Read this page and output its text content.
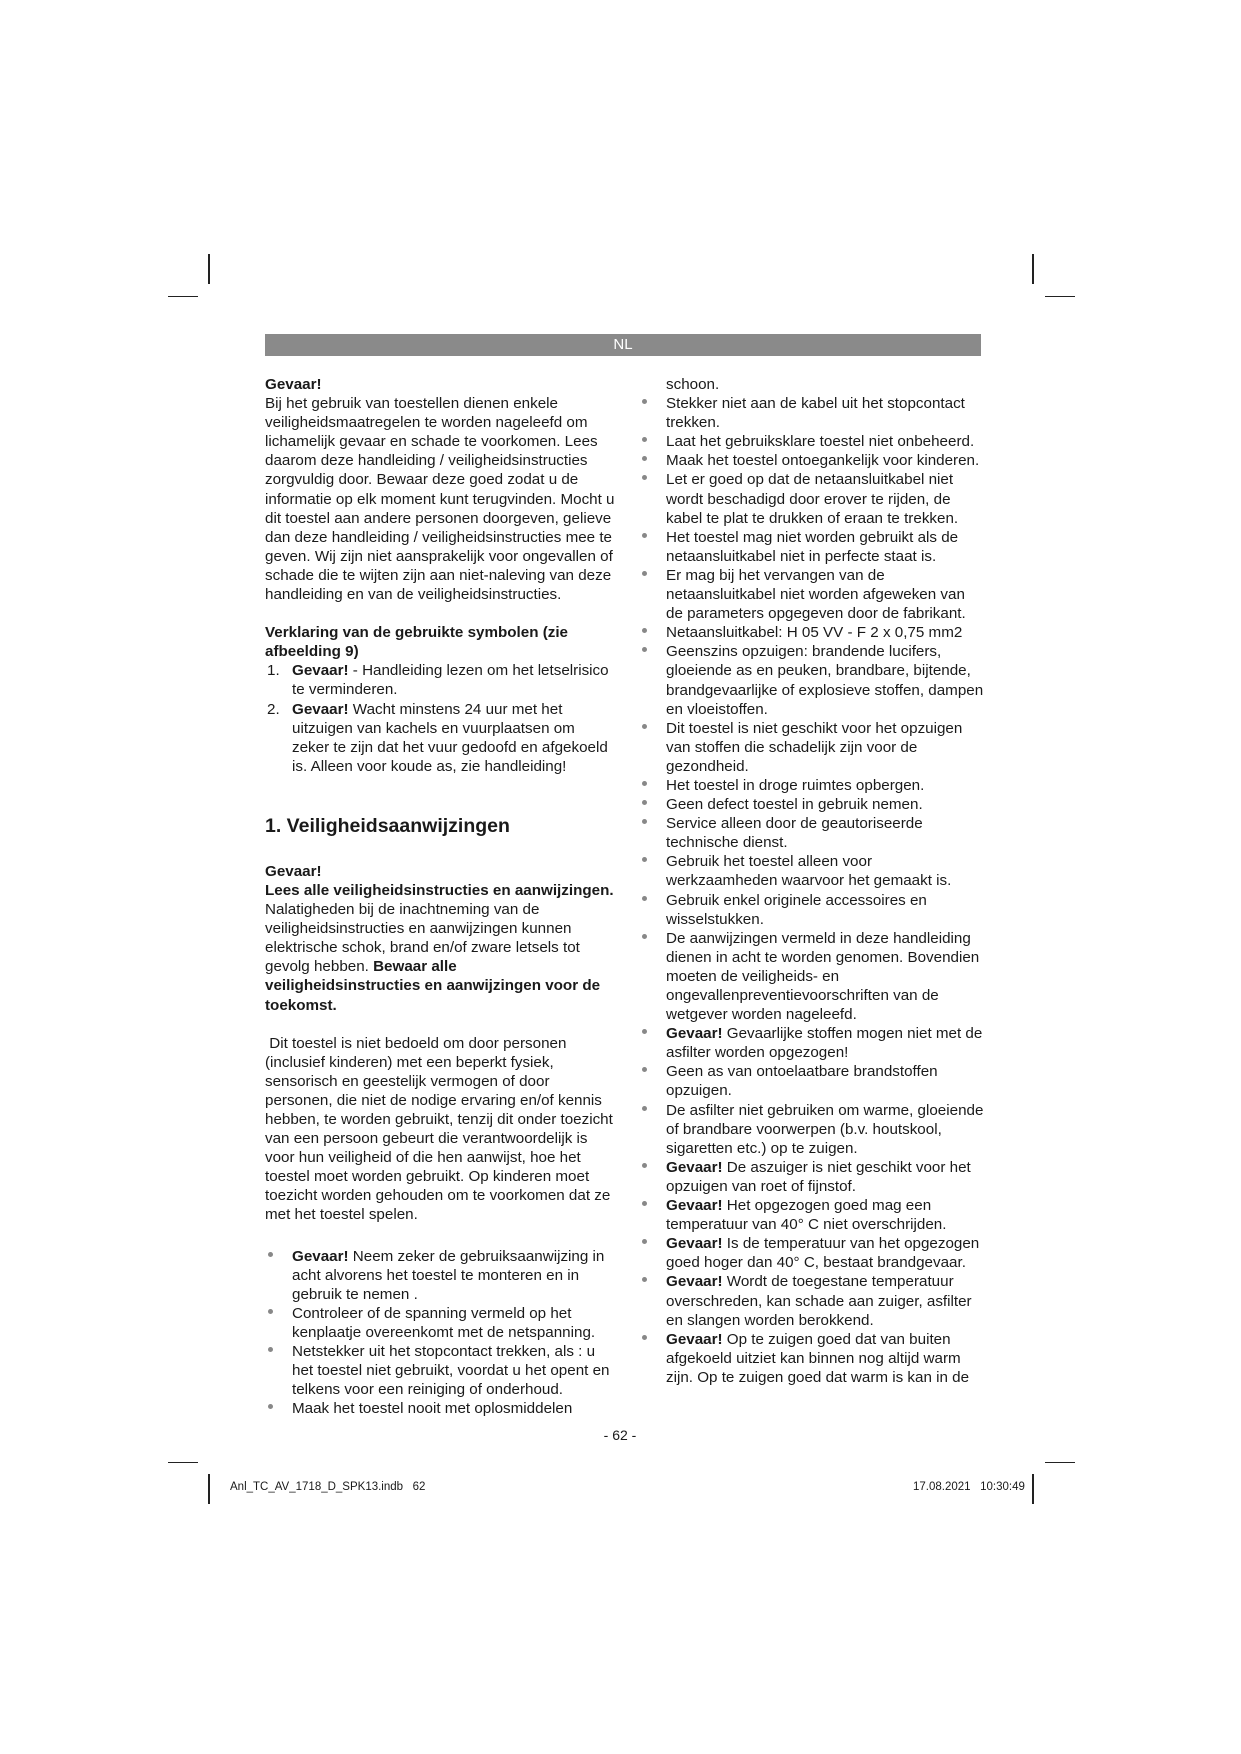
NL

Gevaar!

Bij het gebruik van toestellen dienen enkele veiligheidsmaatregelen te worden nageleefd om lichamelijk gevaar en schade te voorkomen. Lees daarom deze handleiding / veiligheidsinstructies zorgvuldig door. Bewaar deze goed zodat u de informatie op elk moment kunt terugvinden. Mocht u dit toestel aan andere personen doorgeven, gelieve dan deze handleiding / veiligheidsinstructies mee te geven. Wij zijn niet aansprakelijk voor ongevallen of schade die te wijten zijn aan niet-naleving van deze handleiding en van de veiligheidsinstructies.

Verklaring van de gebruikte symbolen (zie afbeelding 9)

1. Gevaar! - Handleiding lezen om het letselrisico te verminderen.
2. Gevaar! Wacht minstens 24 uur met het uitzuigen van kachels en vuurplaatsen om zeker te zijn dat het vuur gedoofd en afgekoeld is. Alleen voor koude as, zie handleiding!
1. Veiligheidsaanwijzingen

Gevaar!

Lees alle veiligheidsinstructies en aanwijzingen. Nalatigheden bij de inachtneming van de veiligheidsinstructies en aanwijzingen kunnen elektrische schok, brand en/of zware letsels tot gevolg hebben. Bewaar alle veiligheidsinstructies en aanwijzingen voor de toekomst.

Dit toestel is niet bedoeld om door personen (inclusief kinderen) met een beperkt fysiek, sensorisch en geestelijk vermogen of door personen, die niet de nodige ervaring en/of kennis hebben, te worden gebruikt, tenzij dit onder toezicht van een persoon gebeurt die verantwoordelijk is voor hun veiligheid of die hen aanwijst, hoe het toestel moet worden gebruikt. Op kinderen moet toezicht worden gehouden om te voorkomen dat ze met het toestel spelen.

Gevaar! Neem zeker de gebruiksaanwijzing in acht alvorens het toestel te monteren en in gebruik te nemen .
Controleer of de spanning vermeld op het kenplaatje overeenkomt met de netspanning.
Netstekker uit het stopcontact trekken, als : u het toestel niet gebruikt, voordat u het opent en telkens voor een reiniging of onderhoud.
Maak het toestel nooit met oplosmiddelen

schoon.

Stekker niet aan de kabel uit het stopcontact trekken.
Laat het gebruiksklare toestel niet onbeheerd.
Maak het toestel ontoegankelijk voor kinderen.
Let er goed op dat de netaansluitkabel niet wordt beschadigd door erover te rijden, de kabel te plat te drukken of eraan te trekken.
Het toestel mag niet worden gebruikt als de netaansluitkabel niet in perfecte staat is.
Er mag bij het vervangen van de netaansluitkabel niet worden afgeweken van de parameters opgegeven door de fabrikant.
Netaansluitkabel: H 05 VV - F 2 x 0,75 mm2
Geenszins opzuigen: brandende lucifers, gloeiende as en peuken, brandbare, bijtende, brandgevaarlijke of explosieve stoffen, dampen en vloeistoffen.
Dit toestel is niet geschikt voor het opzuigen van stoffen die schadelijk zijn voor de gezondheid.
Het toestel in droge ruimtes opbergen.
Geen defect toestel in gebruik nemen.
Service alleen door de geautoriseerde technische dienst.
Gebruik het toestel alleen voor werkzaamheden waarvoor het gemaakt is.
Gebruik enkel originele accessoires en wisselstukken.
De aanwijzingen vermeld in deze handleiding dienen in acht te worden genomen. Bovendien moeten de veiligheids- en ongevallenpreventievoorschriften van de wetgever worden nageleefd.
Gevaar! Gevaarlijke stoffen mogen niet met de asfilter worden opgezogen!
Geen as van ontoelaatbare brandstoffen opzuigen.
De asfilter niet gebruiken om warme, gloeiende of brandbare voorwerpen (b.v. houtskool, sigaretten etc.) op te zuigen.
Gevaar! De aszuiger is niet geschikt voor het opzuigen van roet of fijnstof.
Gevaar! Het opgezogen goed mag een temperatuur van 40° C niet overschrijden.
Gevaar! Is de temperatuur van het opgezogen goed hoger dan 40° C, bestaat brandgevaar.
Gevaar! Wordt de toegestane temperatuur overschreden, kan schade aan zuiger, asfilter en slangen worden berokkend.
Gevaar! Op te zuigen goed dat van buiten afgekoeld uitziet kan binnen nog altijd warm zijn. Op te zuigen goed dat warm is kan in de
- 62 -
Anl_TC_AV_1718_D_SPK13.indb   62	17.08.2021   10:30:49
